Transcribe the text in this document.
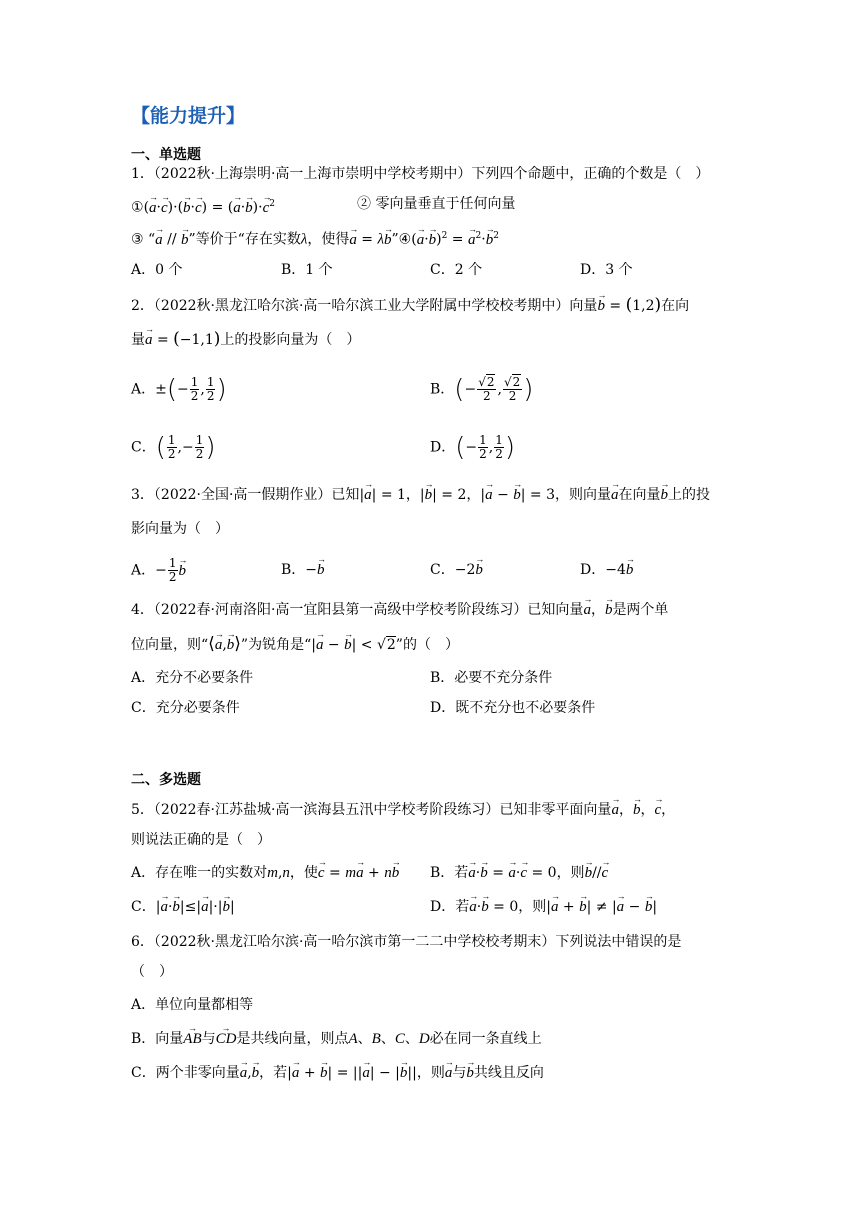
【能力提升】
一、单选题
1．（2022秋·上海崇明·高一上海市崇明中学校考期中）下列四个命题中，正确的个数是（　）
①(→ a·→ c)·(→ b·→ c) = (→ $a\cdot\to b)\cdot\to c^2$	② 零向量垂直于任何向量
③ “→ a // → b”等价于“存在实数λ，使得→ a = λ→ b”④(→ a·→ b)$^2$ = → $a^2\cdot\to b^2$
A．0 个	B．1 个	C．2 个	D．3 个
2．（2022秋·黑龙江哈尔滨·高一哈尔滨工业大学附属中学校校考期中）向量→ b = (1,2)在向
量→ a = (−1,1)上的投影向量为（　）
A．±(− $\frac{1}{2}$ , $\frac{1}{2}$ )	B．(− $\frac{√2}{2}$ , $\frac{√2}{2}$ )
C．( $\frac{1}{2}$ ,− $\frac{1}{2}$ )	D．(− $\frac{1}{2}$ , $\frac{1}{2}$ )
3．（2022·全国·高一假期作业）已知|→ a| = 1，|→ b| = 2，|→ a − → b| = 3，则向量→ a在向量→ b上的投
影向量为（　）
A．− $\frac{1}{2}$
→ b	B．−→ b	C．−2→ b	D．−4→ b
4．（2022春·河南洛阳·高一宜阳县第一高级中学校考阶段练习）已知向量→ a，→ b是两个单
位向量，则“⟨→ a,→ b⟩”为锐角是“|→ a − → b| < √2”的（　）
A．充分不必要条件	B．必要不充分条件
C．充分必要条件	D．既不充分也不必要条件
二、多选题
5．（2022春·江苏盐城·高一滨海县五汛中学校考阶段练习）已知非零平面向量→ a，→ b，→ c，
则说法正确的是（　）
A．存在唯一的实数对m,n，使→ c = m→ a + n→ b B．若→ a·→ b = → a·→ c = 0，则→ b//→ c
C．|→ a·→ b|≤|→ a|·|→ b|	D．若→ a·→ b = 0，则|→ a + → b| ≠ |→ a − → b|
6．（2022秋·黑龙江哈尔滨·高一哈尔滨市第一二二中学校校考期末）下列说法中错误的是
（　）
A．单位向量都相等
B．向量→ AB与→ CD是共线向量，则点A、B、C、D必在同一条直线上
C．两个非零向量→ a,→ b，若|→ a + → b| = ||→ a| − |→ b||，则→ a与→ b共线且反向
